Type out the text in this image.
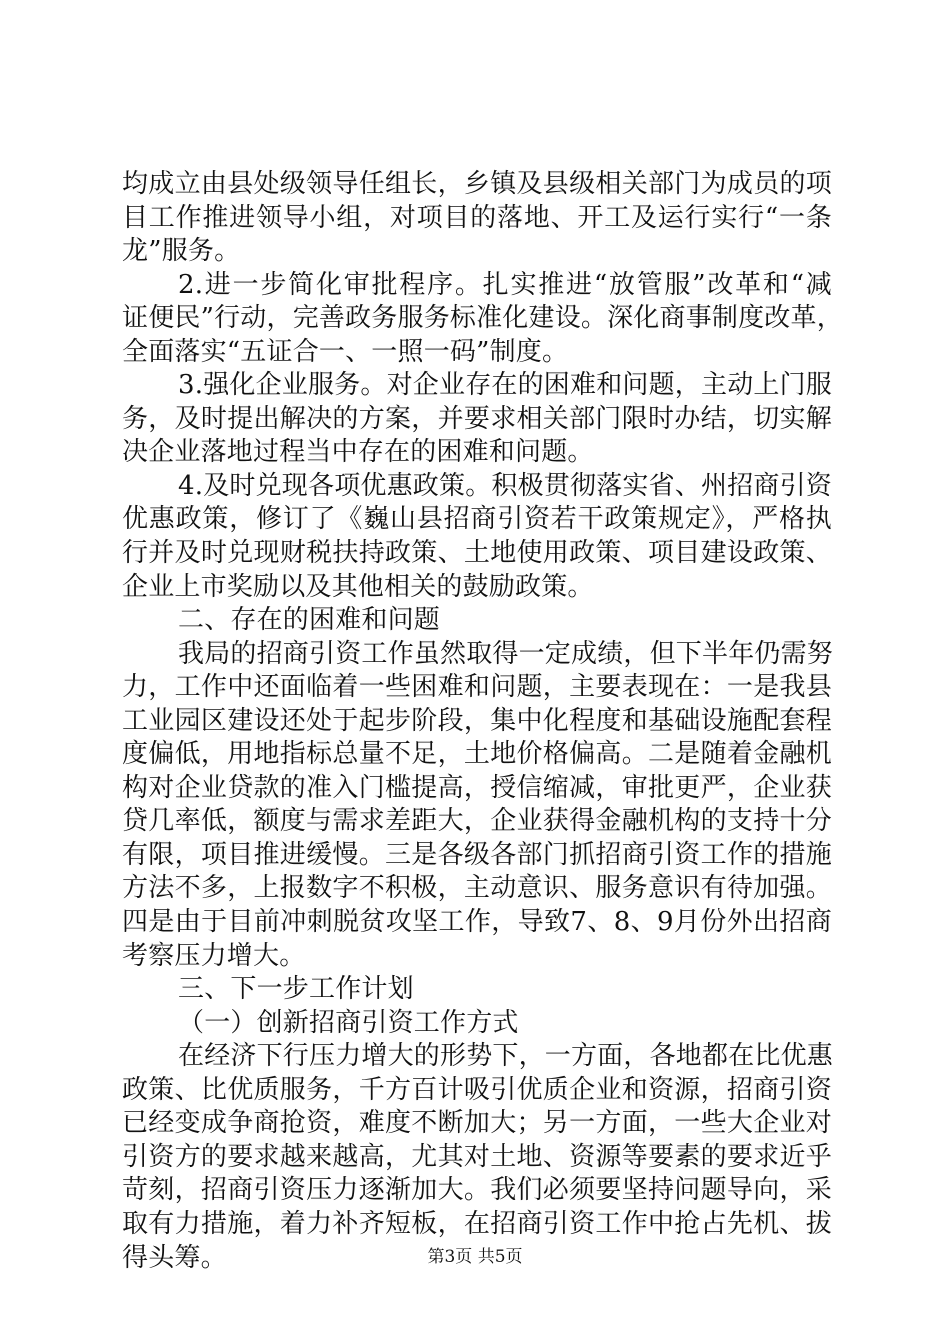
均成立由县处级领导任组长，乡镇及县级相关部门为成员的项
目工作推进领导小组，对项目的落地、开工及运行实行“一条
龙”服务。
2.进一步简化审批程序。扎实推进“放管服”改革和“减
证便民”行动，完善政务服务标准化建设。深化商事制度改革，
全面落实“五证合一、一照一码”制度。
3.强化企业服务。对企业存在的困难和问题，主动上门服
务，及时提出解决的方案，并要求相关部门限时办结，切实解
决企业落地过程当中存在的困难和问题。
4.及时兑现各项优惠政策。积极贯彻落实省、州招商引资
优惠政策，修订了《巍山县招商引资若干政策规定》，严格执
行并及时兑现财税扶持政策、土地使用政策、项目建设政策、
企业上市奖励以及其他相关的鼓励政策。
二、存在的困难和问题
我局的招商引资工作虽然取得一定成绩，但下半年仍需努
力，工作中还面临着一些困难和问题，主要表现在：一是我县
工业园区建设还处于起步阶段，集中化程度和基础设施配套程
度偏低，用地指标总量不足，土地价格偏高。二是随着金融机
构对企业贷款的准入门槛提高，授信缩减，审批更严，企业获
贷几率低，额度与需求差距大，企业获得金融机构的支持十分
有限，项目推进缓慢。三是各级各部门抓招商引资工作的措施
方法不多，上报数字不积极，主动意识、服务意识有待加强。
四是由于目前冲刺脱贫攻坚工作，导致7、8、9月份外出招商
考察压力增大。
三、下一步工作计划
（一）创新招商引资工作方式
在经济下行压力增大的形势下，一方面，各地都在比优惠
政策、比优质服务，千方百计吸引优质企业和资源，招商引资
已经变成争商抢资，难度不断加大；另一方面，一些大企业对
引资方的要求越来越高，尤其对土地、资源等要素的要求近乎
苛刻，招商引资压力逐渐加大。我们必须要坚持问题导向，采
取有力措施，着力补齐短板，在招商引资工作中抢占先机、拔
得头筹。	第3页 共5页
